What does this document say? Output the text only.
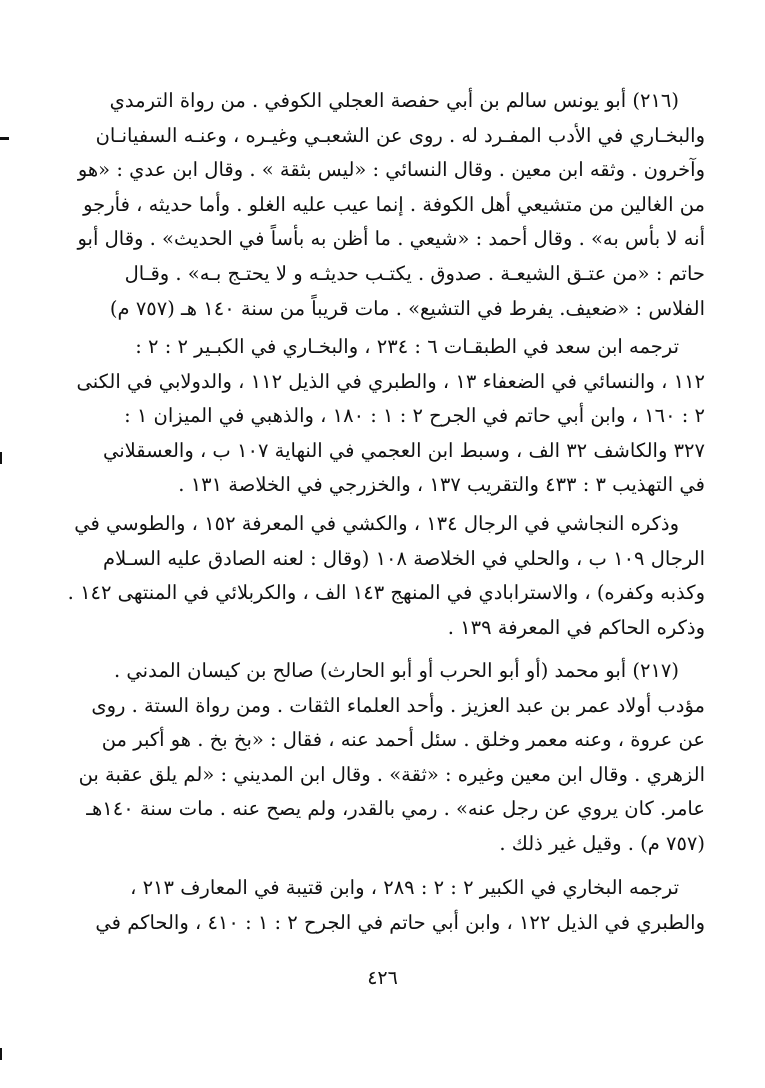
(٢١٦) أبو يونس سالم بن أبي حفصة العجلي الكوفي . من رواة الترمدي
والبخـاري في الأدب المفـرد له . روى عن الشعبـي وغيـره ، وعنـه السفيانـان
وآخرون . وثقه ابن معين . وقال النسائي : «ليس بثقة » . وقال ابن عدي : «هو
من الغالين من متشيعي أهل الكوفة . إنما عيب عليه الغلو . وأما حديثه ، فأرجو
أنه لا بأس به» . وقال أحمد : «شيعي . ما أظن به بأساً في الحديث» . وقال أبو
حاتم : «من عتـق الشيعـة . صدوق . يكتـب حديثـه و لا يحتـج بـه» . وقـال
الفلاس : «ضعيف. يفرط في التشيع» . مات قريباً من سنة ١٤٠ هـ (٧٥٧ م)
ترجمه ابن سعد في الطبقـات ٦ : ٢٣٤ ، والبخـاري في الكبـير ٢ : ٢ :
١١٢ ، والنسائي في الضعفاء ١٣ ، والطبري في الذيل ١١٢ ، والدولابي في الكنى
٢ : ١٦٠ ، وابن أبي حاتم في الجرح ٢ : ١ : ١٨٠ ، والذهبي في الميزان ١ :
٣٢٧ والكاشف ٣٢ الف ، وسبط ابن العجمي في النهاية ١٠٧ ب ، والعسقلاني
في التهذيب ٣ : ٤٣٣ والتقريب ١٣٧ ، والخزرجي في الخلاصة ١٣١ .
وذكره النجاشي في الرجال ١٣٤ ، والكشي في المعرفة ١٥٢ ، والطوسي في
الرجال ١٠٩ ب ، والحلي في الخلاصة ١٠٨ (وقال : لعنه الصادق عليه السـلام
وكذبه وكفره) ، والاسترابادي في المنهج ١٤٣ الف ، والكربلائي في المنتهى ١٤٢ .
وذكره الحاكم في المعرفة ١٣٩ .
(٢١٧) أبو محمد (أو أبو الحرب أو أبو الحارث) صالح بن كيسان المدني .
مؤدب أولاد عمر بن عبد العزيز . وأحد العلماء الثقات . ومن رواة الستة . روى
عن عروة ، وعنه معمر وخلق . سئل أحمد عنه ، فقال : «بخ بخ . هو أكبر من
الزهري . وقال ابن معين وغيره : «ثقة» . وقال ابن المديني : «لم يلق عقبة بن
عامر. كان يروي عن رجل عنه» . رمي بالقدر، ولم يصح عنه . مات سنة ١٤٠هـ
(٧٥٧ م) . وقيل غير ذلك .
ترجمه البخاري في الكبير ٢ : ٢ : ٢٨٩ ، وابن قتيبة في المعارف ٢١٣ ،
والطبري في الذيل ١٢٢ ، وابن أبي حاتم في الجرح ٢ : ١ : ٤١٠ ، والحاكم في
٤٢٦
